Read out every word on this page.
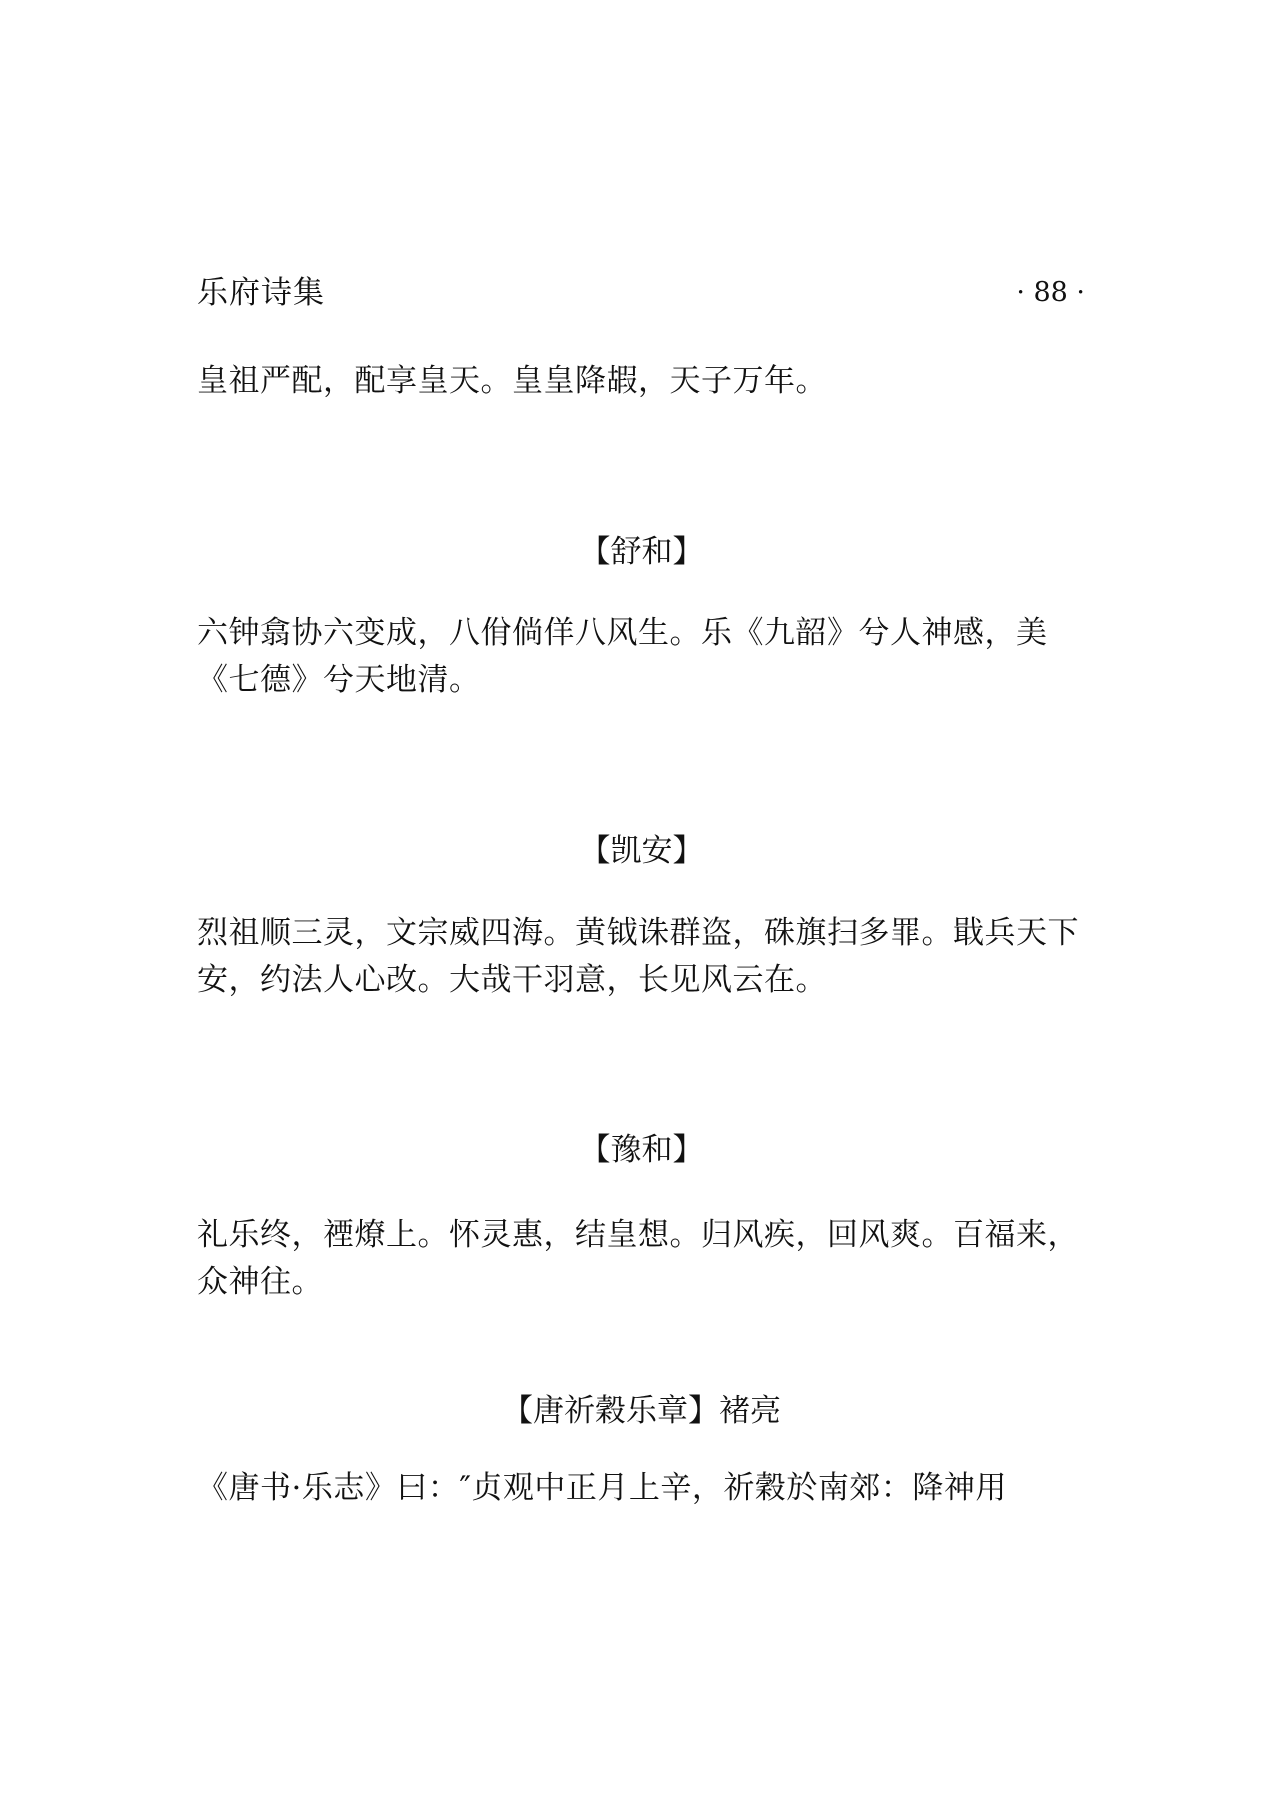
乐府诗集	· 88 ·

皇祖严配，配享皇天。皇皇降嘏，天子万年。

【舒和】

六钟翕协六变成，八佾倘佯八风生。乐《九韶》兮人神感，美《七德》兮天地清。

【凯安】

烈祖顺三灵，文宗威四海。黄钺诛群盗，硃旗扫多罪。戢兵天下安，约法人心改。大哉干羽意，长见风云在。

【豫和】

礼乐终，禋燎上。怀灵惠，结皇想。归风疾，回风爽。百福来，众神往。

【唐祈穀乐章】褚亮

《唐书·乐志》曰：″贞观中正月上辛，祈穀於南郊：降神用
